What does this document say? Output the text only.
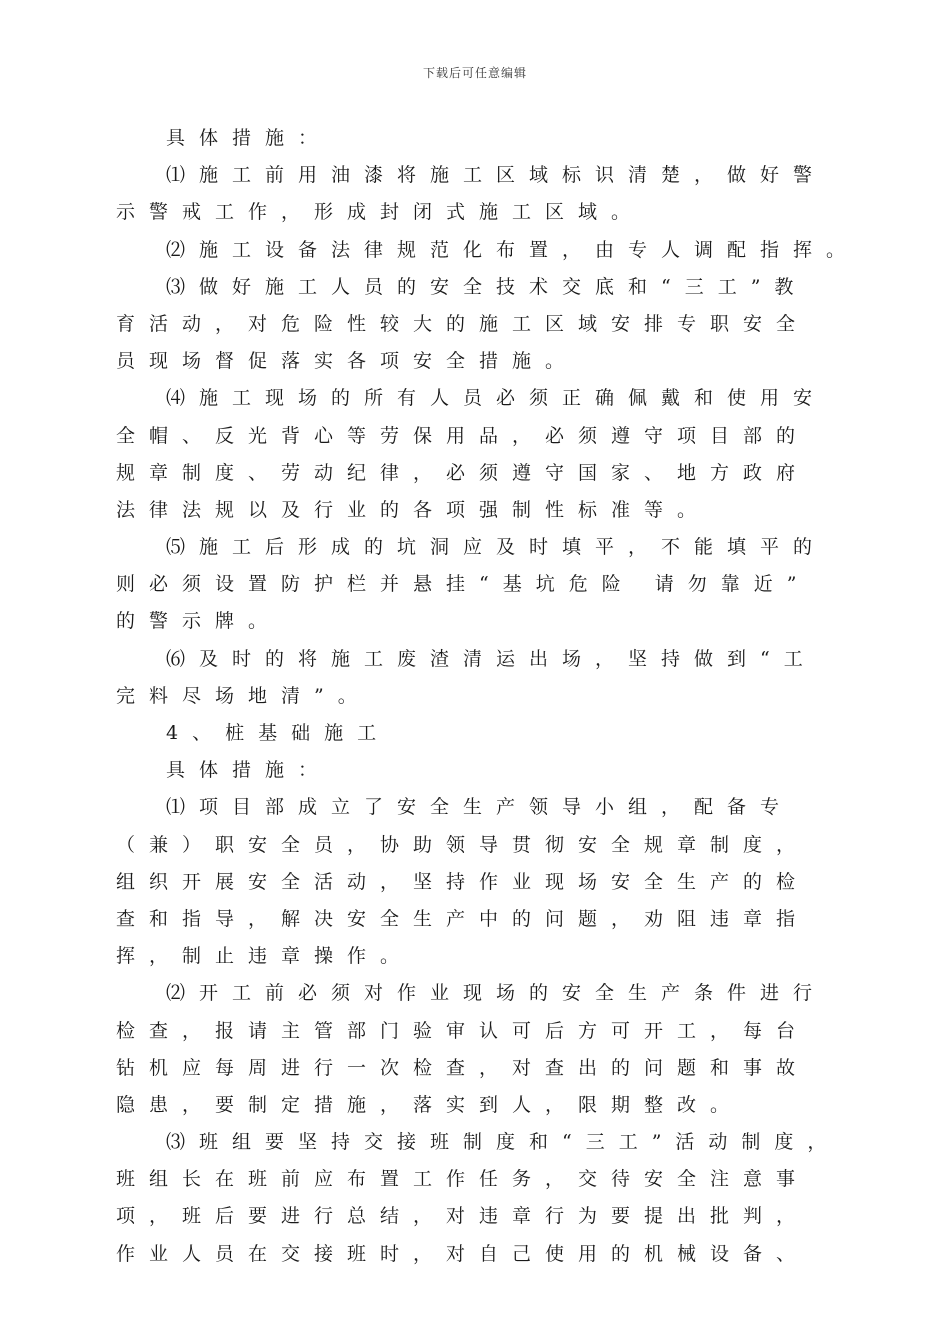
下载后可任意编辑
具体措施：
⑴施工前用油漆将施工区域标识清楚，做好警
示警戒工作，形成封闭式施工区域。
⑵施工设备法律规范化布置，由专人调配指挥。
⑶做好施工人员的安全技术交底和“三工”教
育活动，对危险性较大的施工区域安排专职安全
员现场督促落实各项安全措施。
⑷施工现场的所有人员必须正确佩戴和使用安
全帽、反光背心等劳保用品，必须遵守项目部的
规章制度、劳动纪律，必须遵守国家、地方政府
法律法规以及行业的各项强制性标准等。
⑸施工后形成的坑洞应及时填平，不能填平的
则必须设置防护栏并悬挂“基坑危险 请勿靠近”
的警示牌。
⑹及时的将施工废渣清运出场，坚持做到“工
完料尽场地清”。
4、桩基础施工
具体措施：
⑴项目部成立了安全生产领导小组，配备专
（兼）职安全员，协助领导贯彻安全规章制度，
组织开展安全活动，坚持作业现场安全生产的检
查和指导，解决安全生产中的问题，劝阻违章指
挥，制止违章操作。
⑵开工前必须对作业现场的安全生产条件进行
检查，报请主管部门验审认可后方可开工，每台
钻机应每周进行一次检查，对查出的问题和事故
隐患，要制定措施，落实到人，限期整改。
⑶班组要坚持交接班制度和“三工”活动制度，
班组长在班前应布置工作任务，交待安全注意事
项，班后要进行总结，对违章行为要提出批判，
作业人员在交接班时，对自己使用的机械设备、
